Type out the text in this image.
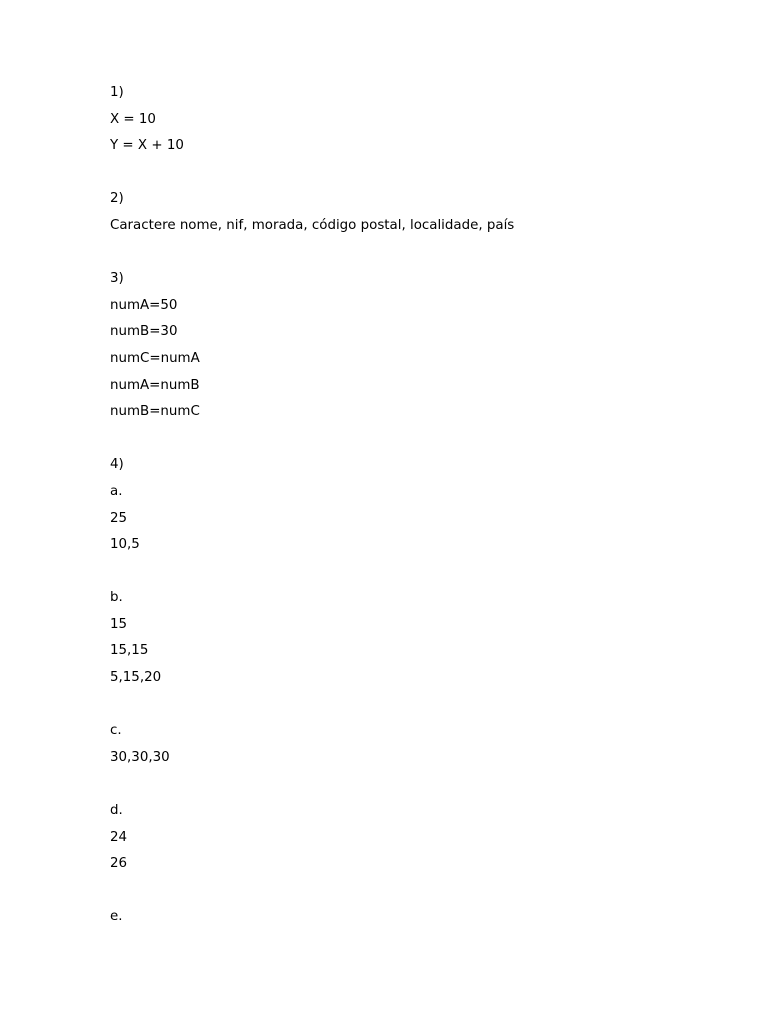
1)
X = 10
Y = X + 10
2)
Caractere nome, nif, morada, código postal, localidade, país
3)
numA=50
numB=30
numC=numA
numA=numB
numB=numC
4)
a.
25
10,5
b.
15
15,15
5,15,20
c.
30,30,30
d.
24
26
e.
